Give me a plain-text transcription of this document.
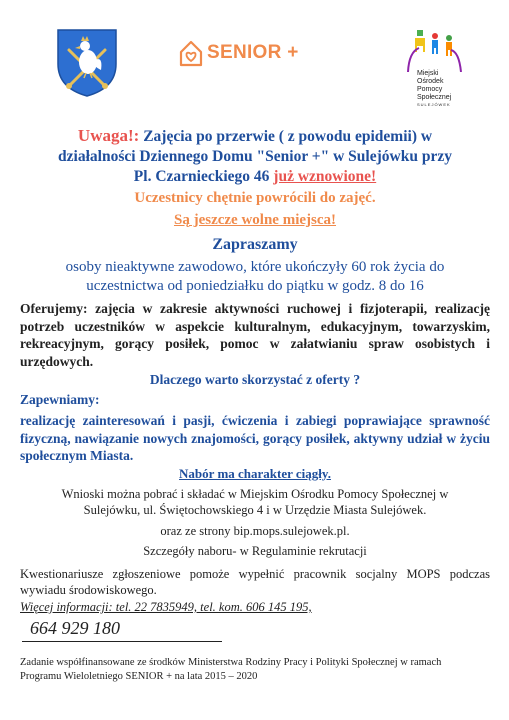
SENIOR +
Miejski
Ośrodek
Pomocy
Społecznej
SULEJÓWEK
Uwaga!: Zajęcia po przerwie ( z powodu epidemii) w
działalności Dziennego Domu "Senior +" w Sulejówku przy
Pl. Czarnieckiego 46 już wznowione!
Uczestnicy chętnie powrócili do zajęć.
Są jeszcze wolne miejsca!
Zapraszamy
osoby nieaktywne zawodowo, które ukończyły 60 rok życia do
uczestnictwa od poniedziałku do piątku w godz. 8 do 16
Oferujemy: zajęcia w zakresie aktywności ruchowej i fizjoterapii, realizację potrzeb uczestników w aspekcie kulturalnym, edukacyjnym, towarzyskim, rekreacyjnym, gorący posiłek, pomoc w załatwianiu spraw osobistych i urzędowych.
Dlaczego warto skorzystać z oferty ?
Zapewniamy:
realizację zainteresowań i pasji, ćwiczenia i zabiegi poprawiające sprawność fizyczną, nawiązanie nowych znajomości, gorący posiłek, aktywny udział w życiu społecznym Miasta.
Nabór ma charakter ciągły.
Wnioski można pobrać i składać w Miejskim Ośrodku Pomocy Społecznej w
Sulejówku, ul. Świętochowskiego 4 i w Urzędzie Miasta Sulejówek.
oraz ze strony bip.mops.sulejowek.pl.
Szczegóły naboru- w Regulaminie rekrutacji
Kwestionariusze zgłoszeniowe pomoże wypełnić pracownik socjalny MOPS podczas wywiadu środowiskowego.
Więcej informacji: tel. 22 7835949, tel. kom. 606 145 195,
664 929 180
Zadanie współfinansowane ze środków Ministerstwa Rodziny Pracy i Polityki Społecznej w ramach
Programu Wieloletniego SENIOR + na lata 2015 – 2020
